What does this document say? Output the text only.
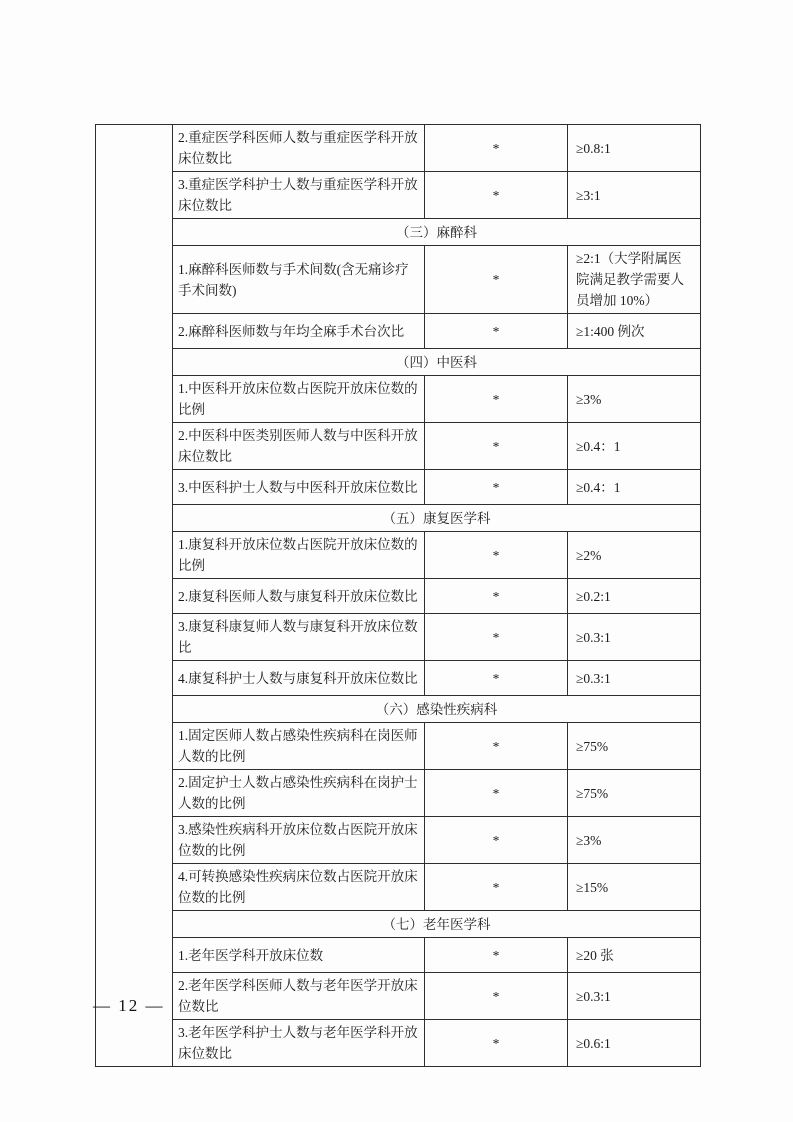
	2.重症医学科医师人数与重症医学科开放床位数比	*	≥0.8:1
	3.重症医学科护士人数与重症医学科开放床位数比	*	≥3:1
	（三）麻醉科		
	1.麻醉科医师数与手术间数(含无痛诊疗手术间数)	*	≥2:1（大学附属医院满足教学需要人员增加 10%）
	2.麻醉科医师数与年均全麻手术台次比	*	≥1:400 例次
	（四）中医科		
	1.中医科开放床位数占医院开放床位数的比例	*	≥3%
	2.中医科中医类别医师人数与中医科开放床位数比	*	≥0.4：1
	3.中医科护士人数与中医科开放床位数比	*	≥0.4：1
	（五）康复医学科		
	1.康复科开放床位数占医院开放床位数的比例	*	≥2%
	2.康复科医师人数与康复科开放床位数比	*	≥0.2:1
	3.康复科康复师人数与康复科开放床位数比	*	≥0.3:1
	4.康复科护士人数与康复科开放床位数比	*	≥0.3:1
	（六）感染性疾病科		
	1.固定医师人数占感染性疾病科在岗医师人数的比例	*	≥75%
	2.固定护士人数占感染性疾病科在岗护士人数的比例	*	≥75%
	3.感染性疾病科开放床位数占医院开放床位数的比例	*	≥3%
	4.可转换感染性疾病床位数占医院开放床位数的比例	*	≥15%
	（七）老年医学科		
	1.老年医学科开放床位数	*	≥20 张
	2.老年医学科医师人数与老年医学开放床位数比	*	≥0.3:1
	3.老年医学科护士人数与老年医学科开放床位数比	*	≥0.6:1
— 12 —
